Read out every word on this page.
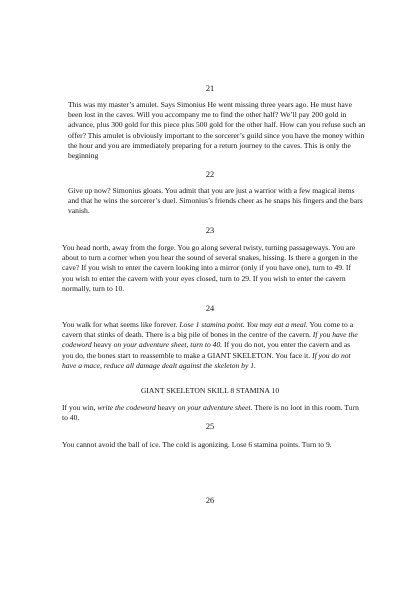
21

This was my master’s amulet. Says Simonius He went missing three years ago. He must have been lost in the caves. Will you accompany me to find the other half? We’ll pay 200 gold in advance, plus 300 gold for this piece plus 500 gold for the other half. How can you refuse such an offer? This amulet is obviously important to the sorcerer’s guild since you have the money within the hour and you are immediately preparing for a return journey to the caves. This is only the beginning

22

Give up now? Simonius gloats. You admit that you are just a warrior with a few magical items and that he wins the sorcerer’s duel. Simonius’s friends cheer as he snaps his fingers and the bars vanish.

23

You head north, away from the forge. You go along several twisty, turning passageways. You are about to turn a corner when you hear the sound of several snakes, hissing. Is there a gorgen in the cave? If you wish to enter the cavern looking into a mirror (only if you have one), turn to 49. If you wish to enter the cavern with your eyes closed, turn to 29. If you wish to enter the cavern normally, turn to 10.

24

You walk for what seems like forever. Lose 1 stamina point. You may eat a meal. You come to a cavern that stinks of death. There is a big pile of bones in the centre of the cavern. If you have the codeword heavy on your adventure sheet, turn to 40. If you do not, you enter the cavern and as you do, the bones start to reassemble to make a GIANT SKELETON. You face it. If you do not have a mace, reduce all damage dealt against the skeleton by 1.

GIANT SKELETON SKILL 8 STAMINA 10

If you win, write the codeword heavy on your adventure sheet. There is no loot in this room. Turn to 40.

25

You cannot avoid the ball of ice. The cold is agonizing. Lose 6 stamina points. Turn to 9.

26
